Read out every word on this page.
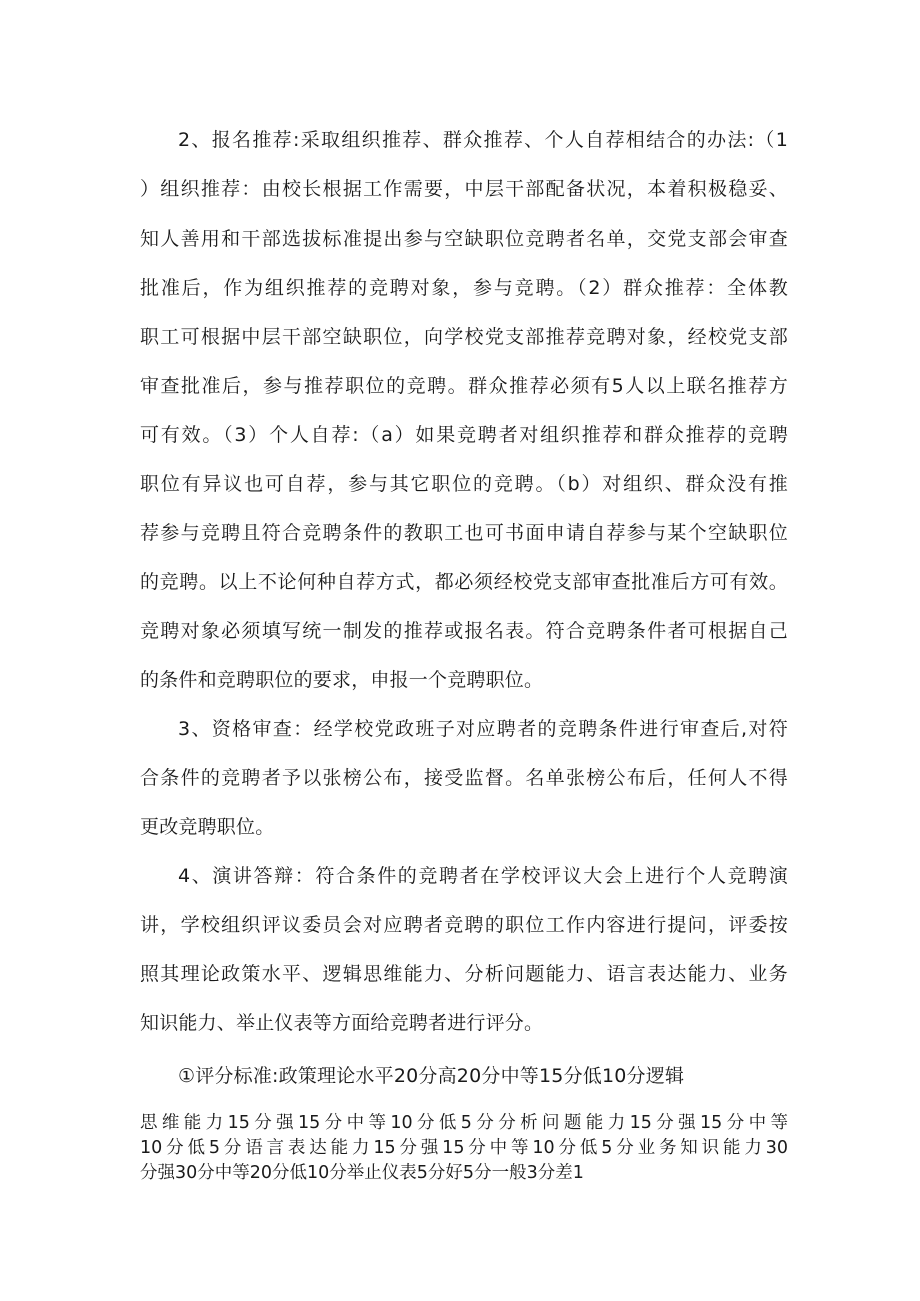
2、报名推荐:采取组织推荐、群众推荐、个人自荐相结合的办法:（1
）组织推荐：由校长根据工作需要，中层干部配备状况，本着积极稳妥、
知人善用和干部选拔标准提出参与空缺职位竞聘者名单，交党支部会审查
批准后，作为组织推荐的竞聘对象，参与竞聘。（2）群众推荐：全体教
职工可根据中层干部空缺职位，向学校党支部推荐竞聘对象，经校党支部
审查批准后，参与推荐职位的竞聘。群众推荐必须有5人以上联名推荐方
可有效。（3）个人自荐:（a）如果竞聘者对组织推荐和群众推荐的竞聘
职位有异议也可自荐，参与其它职位的竞聘。（b）对组织、群众没有推
荐参与竞聘且符合竞聘条件的教职工也可书面申请自荐参与某个空缺职位
的竞聘。以上不论何种自荐方式，都必须经校党支部审查批准后方可有效。
竞聘对象必须填写统一制发的推荐或报名表。符合竞聘条件者可根据自己
的条件和竞聘职位的要求，申报一个竞聘职位。
3、资格审查：经学校党政班子对应聘者的竞聘条件进行审查后,对符
合条件的竞聘者予以张榜公布，接受监督。名单张榜公布后，任何人不得
更改竞聘职位。
4、演讲答辩：符合条件的竞聘者在学校评议大会上进行个人竞聘演
讲，学校组织评议委员会对应聘者竞聘的职位工作内容进行提问，评委按
照其理论政策水平、逻辑思维能力、分析问题能力、语言表达能力、业务
知识能力、举止仪表等方面给竞聘者进行评分。
①评分标准:政策理论水平20分高20分中等15分低10分逻辑
思维能力15分强15分中等10分低5分分析问题能力15分强15分中等
10分低5分语言表达能力15分强15分中等10分低5分业务知识能力30
分强30分中等20分低10分举止仪表5分好5分一般3分差1
